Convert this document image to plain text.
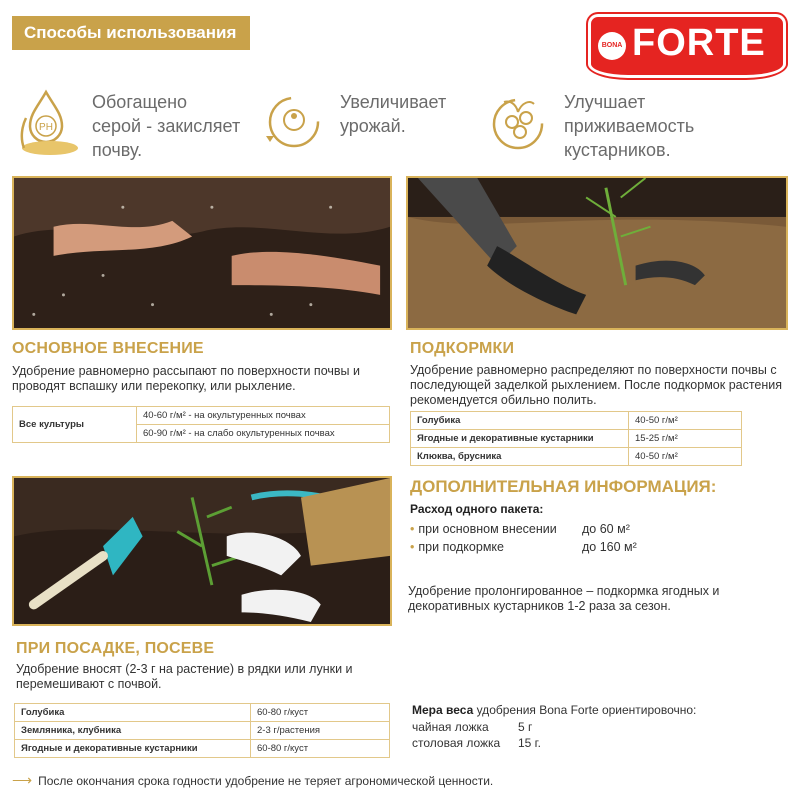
Способы использования
BONA FORTE
PH
Обогащено
серой - закисляет
почву.
Увеличивает
урожай.
Улучшает
приживаемость
кустарников.
ОСНОВНОЕ ВНЕСЕНИЕ
Удобрение равномерно рассыпают по поверхности почвы и проводят вспашку или перекопку, или рыхление.
Все культуры	40-60 г/м² - на окультуренных почвах
60-90 г/м² - на слабо окультуренных почвах
ПОДКОРМКИ
Удобрение равномерно распределяют по поверхности почвы с последующей заделкой рыхлением. После подкормок растения рекомендуется обильно полить.
Голубика	40-50 г/м²
Ягодные и декоративные кустарники	15-25 г/м²
Клюква, брусника	40-50 г/м²
ДОПОЛНИТЕЛЬНАЯ ИНФОРМАЦИЯ:
Расход одного пакета:
• при основном внесении до 60 м²
• при подкормке	до 160 м²
Удобрение пролонгированное – подкормка ягодных и декоративных кустарников 1-2 раза за сезон.
ПРИ ПОСАДКЕ, ПОСЕВЕ
Удобрение вносят (2-3 г на растение) в рядки или лунки и перемешивают с почвой.
Голубика	60-80 г/куст
Земляника, клубника	2-3 г/растения
Ягодные и декоративные кустарники	60-80 г/куст
Мера веса удобрения Bona Forte ориентировочно:
чайная ложка 5 г
столовая ложка 15 г.
⟶ После окончания срока годности удобрение не теряет агрономической ценности.
